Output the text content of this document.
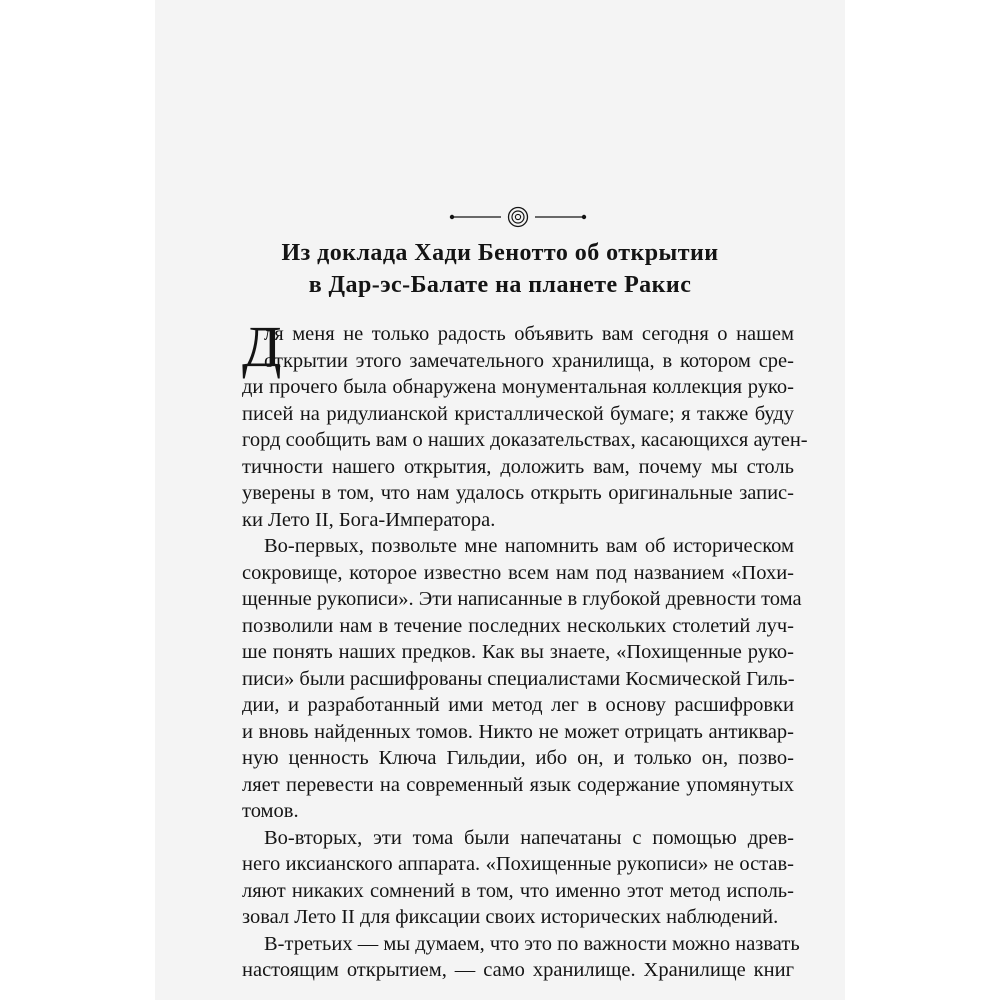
Из доклада Хади Бенотто об открытии
в Дар-эс-Балате на планете Ракис
Д
ля меня не только радость объявить вам сегодня о нашем
открытии этого замечательного хранилища, в котором сре-
ди прочего была обнаружена монументальная коллекция руко-
писей на ридулианской кристаллической бумаге; я также буду
горд сообщить вам о наших доказательствах, касающихся аутен-
тичности нашего открытия, доложить вам, почему мы столь
уверены в том, что нам удалось открыть оригинальные запис-
ки Лето II, Бога-Императора.
Во-первых, позвольте мне напомнить вам об историческом
сокровище, которое известно всем нам под названием «Похи-
щенные рукописи». Эти написанные в глубокой древности тома
позволили нам в течение последних нескольких столетий луч-
ше понять наших предков. Как вы знаете, «Похищенные руко-
писи» были расшифрованы специалистами Космической Гиль-
дии, и разработанный ими метод лег в основу расшифровки
и вновь найденных томов. Никто не может отрицать антиквар-
ную ценность Ключа Гильдии, ибо он, и только он, позво-
ляет перевести на современный язык содержание упомянутых
томов.
Во-вторых, эти тома были напечатаны с помощью древ-
него иксианского аппарата. «Похищенные рукописи» не остав-
ляют никаких сомнений в том, что именно этот метод исполь-
зовал Лето II для фиксации своих исторических наблюдений.
В-третьих — мы думаем, что это по важности можно назвать
настоящим открытием, — само хранилище. Хранилище книг
